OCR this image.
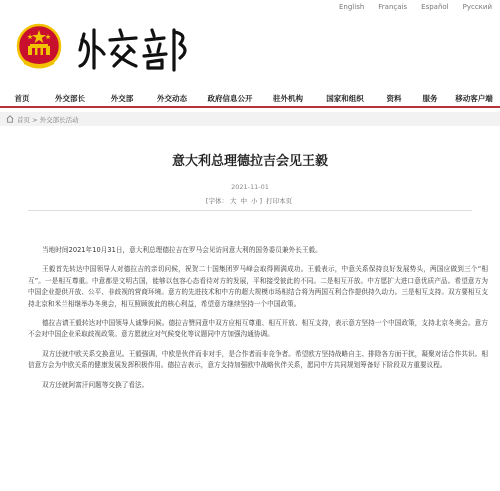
English Français Español Русский
首页	外交部长	外交部	外交动态	政府信息公开	驻外机构	国家和组织	资料	服务	移动客户端
首页 > 外交部长活动
意大利总理德拉吉会见王毅
2021-11-01
[字体： 大 中 小 ] 打印本页

当地时间2021年10月31日，意大利总理德拉吉在罗马会见访问意大利的国务委员兼外长王毅。

王毅首先转达中国领导人对德拉吉的亲切问候，祝贺二十国集团罗马峰会取得圆满成功。王毅表示，中意关系保持良好发展势头，两国应做到三个“相互”。一是相互尊重。中意都是文明古国，能够以包容心态看待对方的发展，平和接受彼此的不同。二是相互开放。中方愿扩大进口意优质产品。希望意方为中国企业提供开放、公平、非歧视的营商环境。意方的先进技术和中方的超大规模市场相结合将为两国互利合作提供持久动力。三是相互支持。双方要相互支持北京和米兰相继举办冬奥会，相互照顾彼此的核心利益，希望意方继续坚持一个中国政策。

德拉吉请王毅转达对中国领导人诚挚问候。德拉吉赞同意中双方应相互尊重、相互开放、相互支持，表示意方坚持一个中国政策，支持北京冬奥会。意方不会对中国企业采取歧视政策。意方愿就应对气候变化等议题同中方加强沟通协调。

双方还就中欧关系交换意见。王毅强调，中欧是伙伴而非对手，是合作者而非竞争者。希望欧方坚持战略自主、排除各方面干扰，凝聚对话合作共识。相信意方会为中欧关系的健康发展发挥积极作用。德拉吉表示，意方支持加强欧中战略伙伴关系，愿同中方共同规划筹备好下阶段双方重要议程。

双方还就阿富汗问题等交换了看法。
